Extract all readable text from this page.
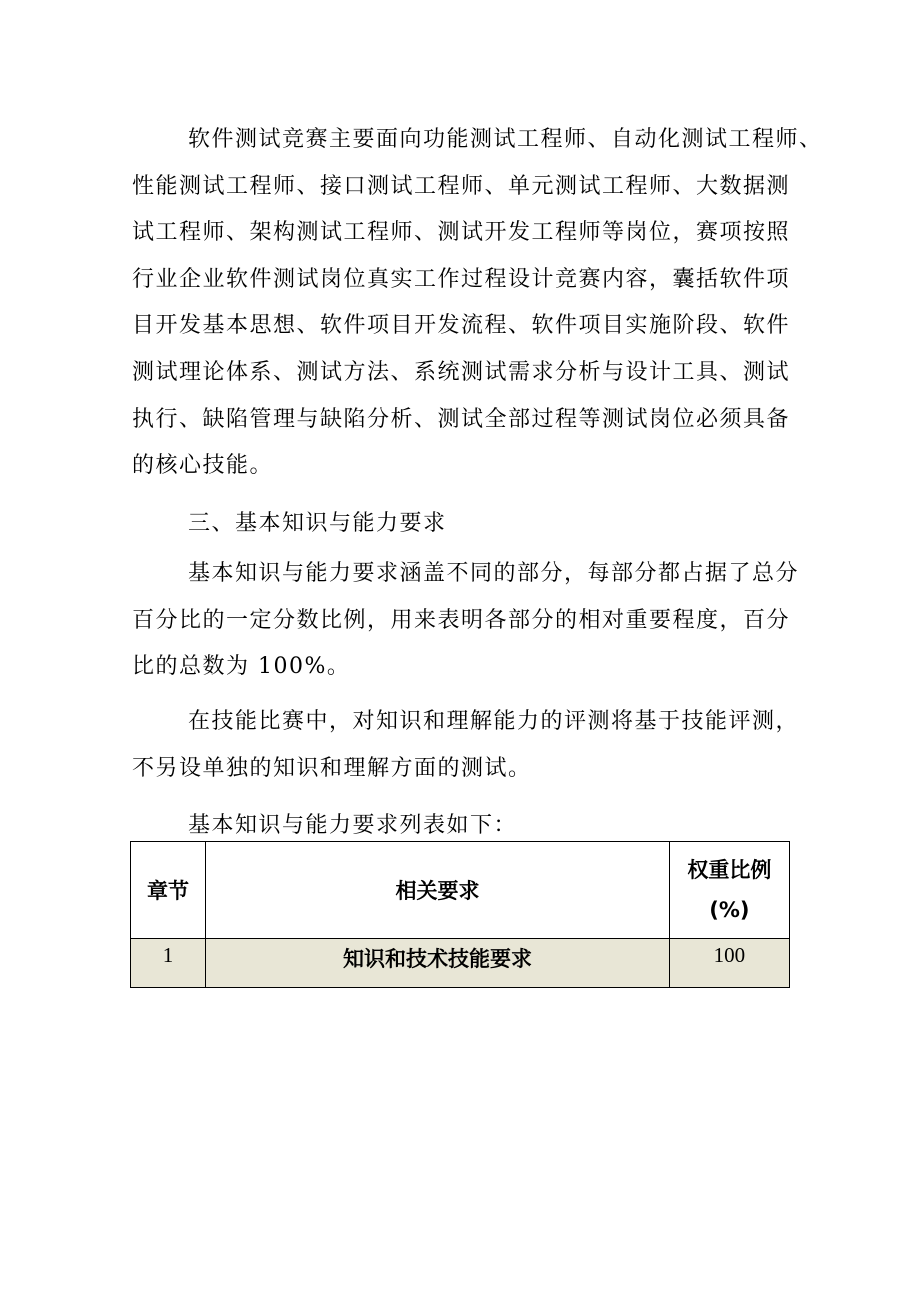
软件测试竞赛主要面向功能测试工程师、自动化测试工程师、
性能测试工程师、接口测试工程师、单元测试工程师、大数据测
试工程师、架构测试工程师、测试开发工程师等岗位，赛项按照
行业企业软件测试岗位真实工作过程设计竞赛内容，囊括软件项
目开发基本思想、软件项目开发流程、软件项目实施阶段、软件
测试理论体系、测试方法、系统测试需求分析与设计工具、测试
执行、缺陷管理与缺陷分析、测试全部过程等测试岗位必须具备
的核心技能。
三、基本知识与能力要求
基本知识与能力要求涵盖不同的部分，每部分都占据了总分
百分比的一定分数比例，用来表明各部分的相对重要程度，百分
比的总数为 100%。
在技能比赛中，对知识和理解能力的评测将基于技能评测，
不另设单独的知识和理解方面的测试。
基本知识与能力要求列表如下：
章节	相关要求	权重比例
(%)

1	知识和技术技能要求	100
